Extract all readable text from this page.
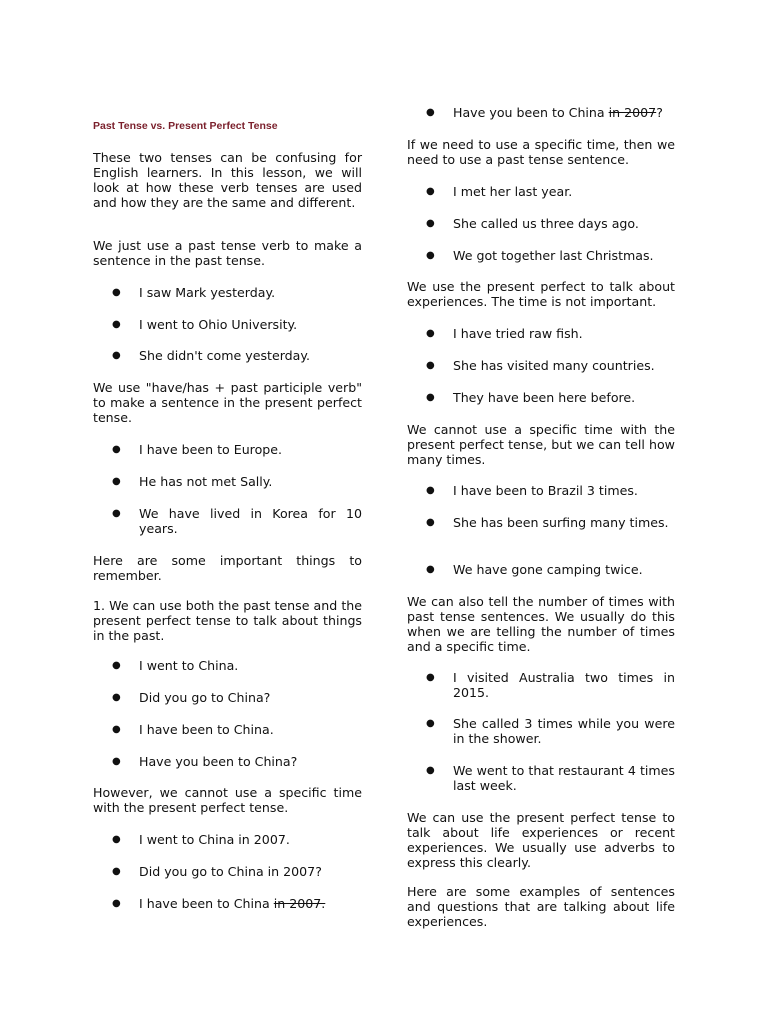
Past Tense vs. Present Perfect Tense

These two tenses can be confusing for English learners. In this lesson, we will look at how these verb tenses are used and how they are the same and different.

We just use a past tense verb to make a sentence in the past tense.

● I saw Mark yesterday.

● I went to Ohio University.

● She didn't come yesterday.

We use "have/has + past participle verb" to make a sentence in the present perfect tense.

● I have been to Europe.

● He has not met Sally.

● We have lived in Korea for 10 years.

Here are some important things to remember.

1. We can use both the past tense and the present perfect tense to talk about things in the past.

● I went to China.

● Did you go to China?

● I have been to China.

● Have you been to China?

However, we cannot use a specific time with the present perfect tense.

● I went to China in 2007.

● Did you go to China in 2007?

● I have been to China in 2007.

● Have you been to China in 2007?

If we need to use a specific time, then we need to use a past tense sentence.

● I met her last year.

● She called us three days ago.

● We got together last Christmas.

We use the present perfect to talk about experiences. The time is not important.

● I have tried raw fish.

● She has visited many countries.

● They have been here before.

We cannot use a specific time with the present perfect tense, but we can tell how many times.

● I have been to Brazil 3 times.

● She has been surfing many times.

● We have gone camping twice.

We can also tell the number of times with past tense sentences. We usually do this when we are telling the number of times and a specific time.

● I visited Australia two times in 2015.

● She called 3 times while you were in the shower.

● We went to that restaurant 4 times last week.

We can use the present perfect tense to talk about life experiences or recent experiences. We usually use adverbs to express this clearly.

Here are some examples of sentences and questions that are talking about life experiences.
